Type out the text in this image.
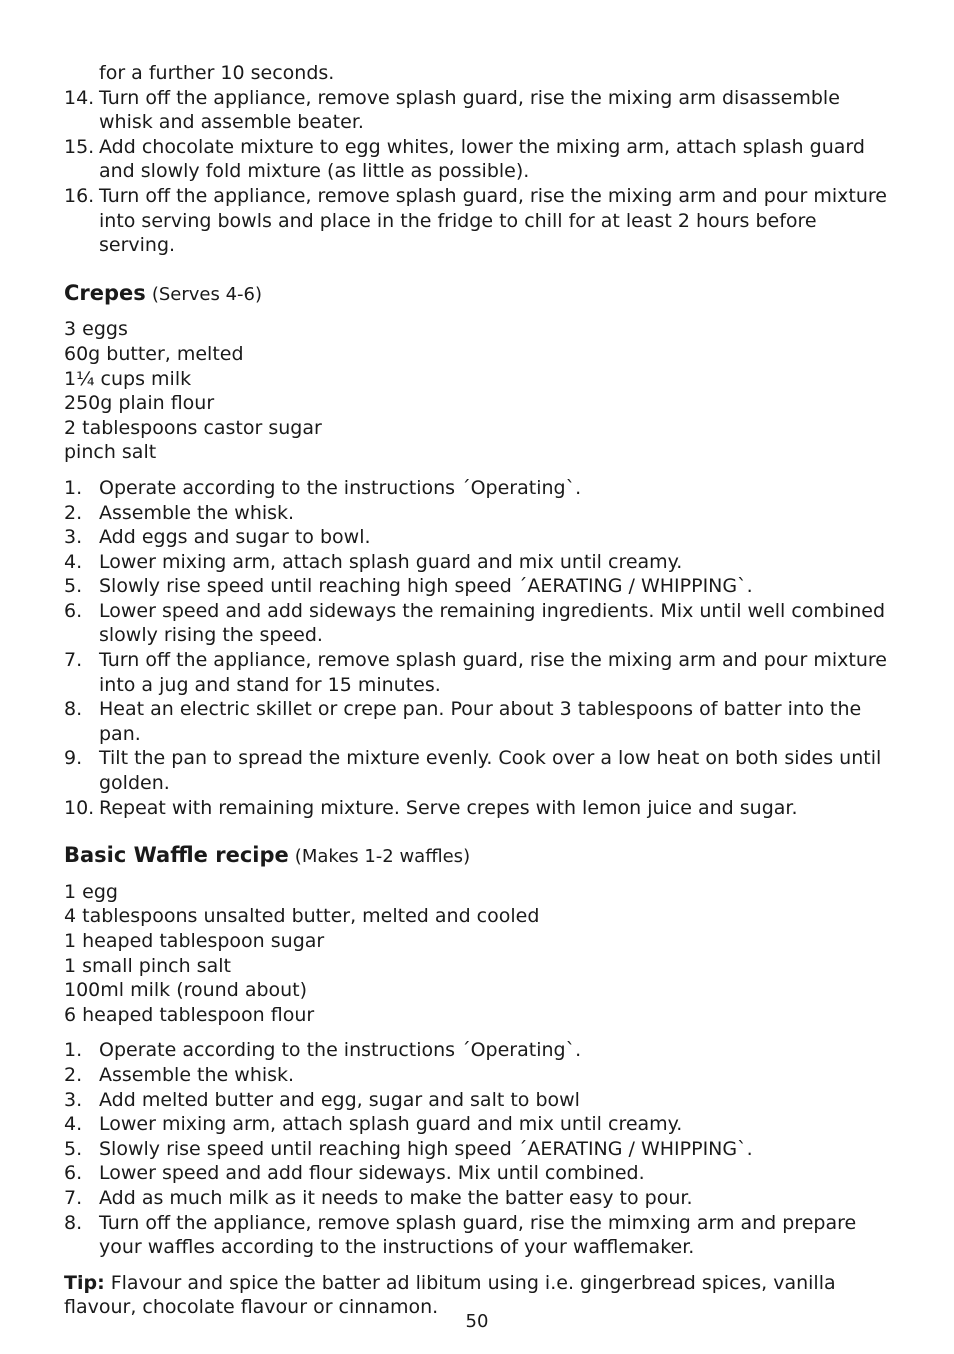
for a further 10 seconds.
14. Turn off the appliance, remove splash guard, rise the mixing arm disassemble whisk and assemble beater.
15. Add chocolate mixture to egg whites, lower the mixing arm, attach splash guard and slowly fold mixture (as little as possible).
16. Turn off the appliance, remove splash guard, rise the mixing arm and pour mixture into serving bowls and place in the fridge to chill for at least 2 hours before serving.
Crepes (Serves 4-6)
3 eggs
60g butter, melted
1¼ cups milk
250g plain flour
2 tablespoons castor sugar
pinch salt
1. Operate according to the instructions ´Operating`.
2. Assemble the whisk.
3. Add eggs and sugar to bowl.
4. Lower mixing arm, attach splash guard and mix until creamy.
5. Slowly rise speed until reaching high speed ´AERATING / WHIPPING`.
6. Lower speed and add sideways the remaining ingredients. Mix until well combined slowly rising the speed.
7. Turn off the appliance, remove splash guard, rise the mixing arm and pour mixture into a jug and stand for 15 minutes.
8. Heat an electric skillet or crepe pan. Pour about 3 tablespoons of batter into the pan.
9. Tilt the pan to spread the mixture evenly. Cook over a low heat on both sides until golden.
10. Repeat with remaining mixture. Serve crepes with lemon juice and sugar.
Basic Waffle recipe (Makes 1-2 waffles)
1 egg
4 tablespoons unsalted butter, melted and cooled
1 heaped tablespoon sugar
1 small pinch salt
100ml milk (round about)
6 heaped tablespoon flour
1. Operate according to the instructions ´Operating`.
2. Assemble the whisk.
3. Add melted butter and egg, sugar and salt to bowl
4. Lower mixing arm, attach splash guard and mix until creamy.
5. Slowly rise speed until reaching high speed ´AERATING / WHIPPING`.
6. Lower speed and add flour sideways. Mix until combined.
7. Add as much milk as it needs to make the batter easy to pour.
8. Turn off the appliance, remove splash guard, rise the mimxing arm and prepare your waffles according to the instructions of your wafflemaker.
Tip: Flavour and spice the batter ad libitum using i.e. gingerbread spices, vanilla flavour, chocolate flavour or cinnamon.
50
